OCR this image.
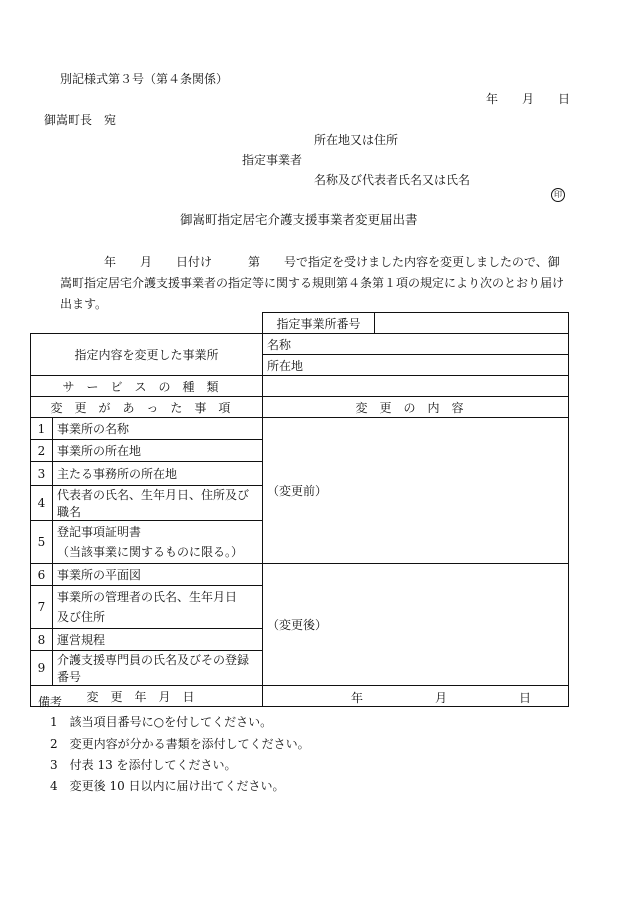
別記様式第３号（第４条関係）
年　　月　　日
御嵩町長　宛
所在地又は住所
指定事業者
名称及び代表者氏名又は氏名
印
御嵩町指定居宅介護支援事業者変更届出書
年　　月　　日付け　　　第　　号で指定を受けました内容を変更しましたので、御
嵩町指定居宅介護支援事業者の指定等に関する規則第４条第１項の規定により次のとおり届け
出ます。
		指定事業所番号	

指定内容を変更した事業所		名称	
		所在地	
サービスの種類			
変更があった事項		変更の内容	
1	事業所の名称	（変更前）	
2	事業所の所在地		
3	主たる事務所の所在地		
4	代表者の氏名、生年月日、住所及び職名		
5	登記事項証明書
（当該事業に関するものに限る。）		

6	事業所の平面図	（変更後）	
7	事業所の管理者の氏名、生年月日
及び住所		

8	運営規程		
9	介護支援専門員の氏名及びその登録番号		
変更年月日		年 月 日	
備考
1　該当項目番号に○を付してください。
2　変更内容が分かる書類を添付してください。
3　付表 13 を添付してください。
4　変更後 10 日以内に届け出てください。
